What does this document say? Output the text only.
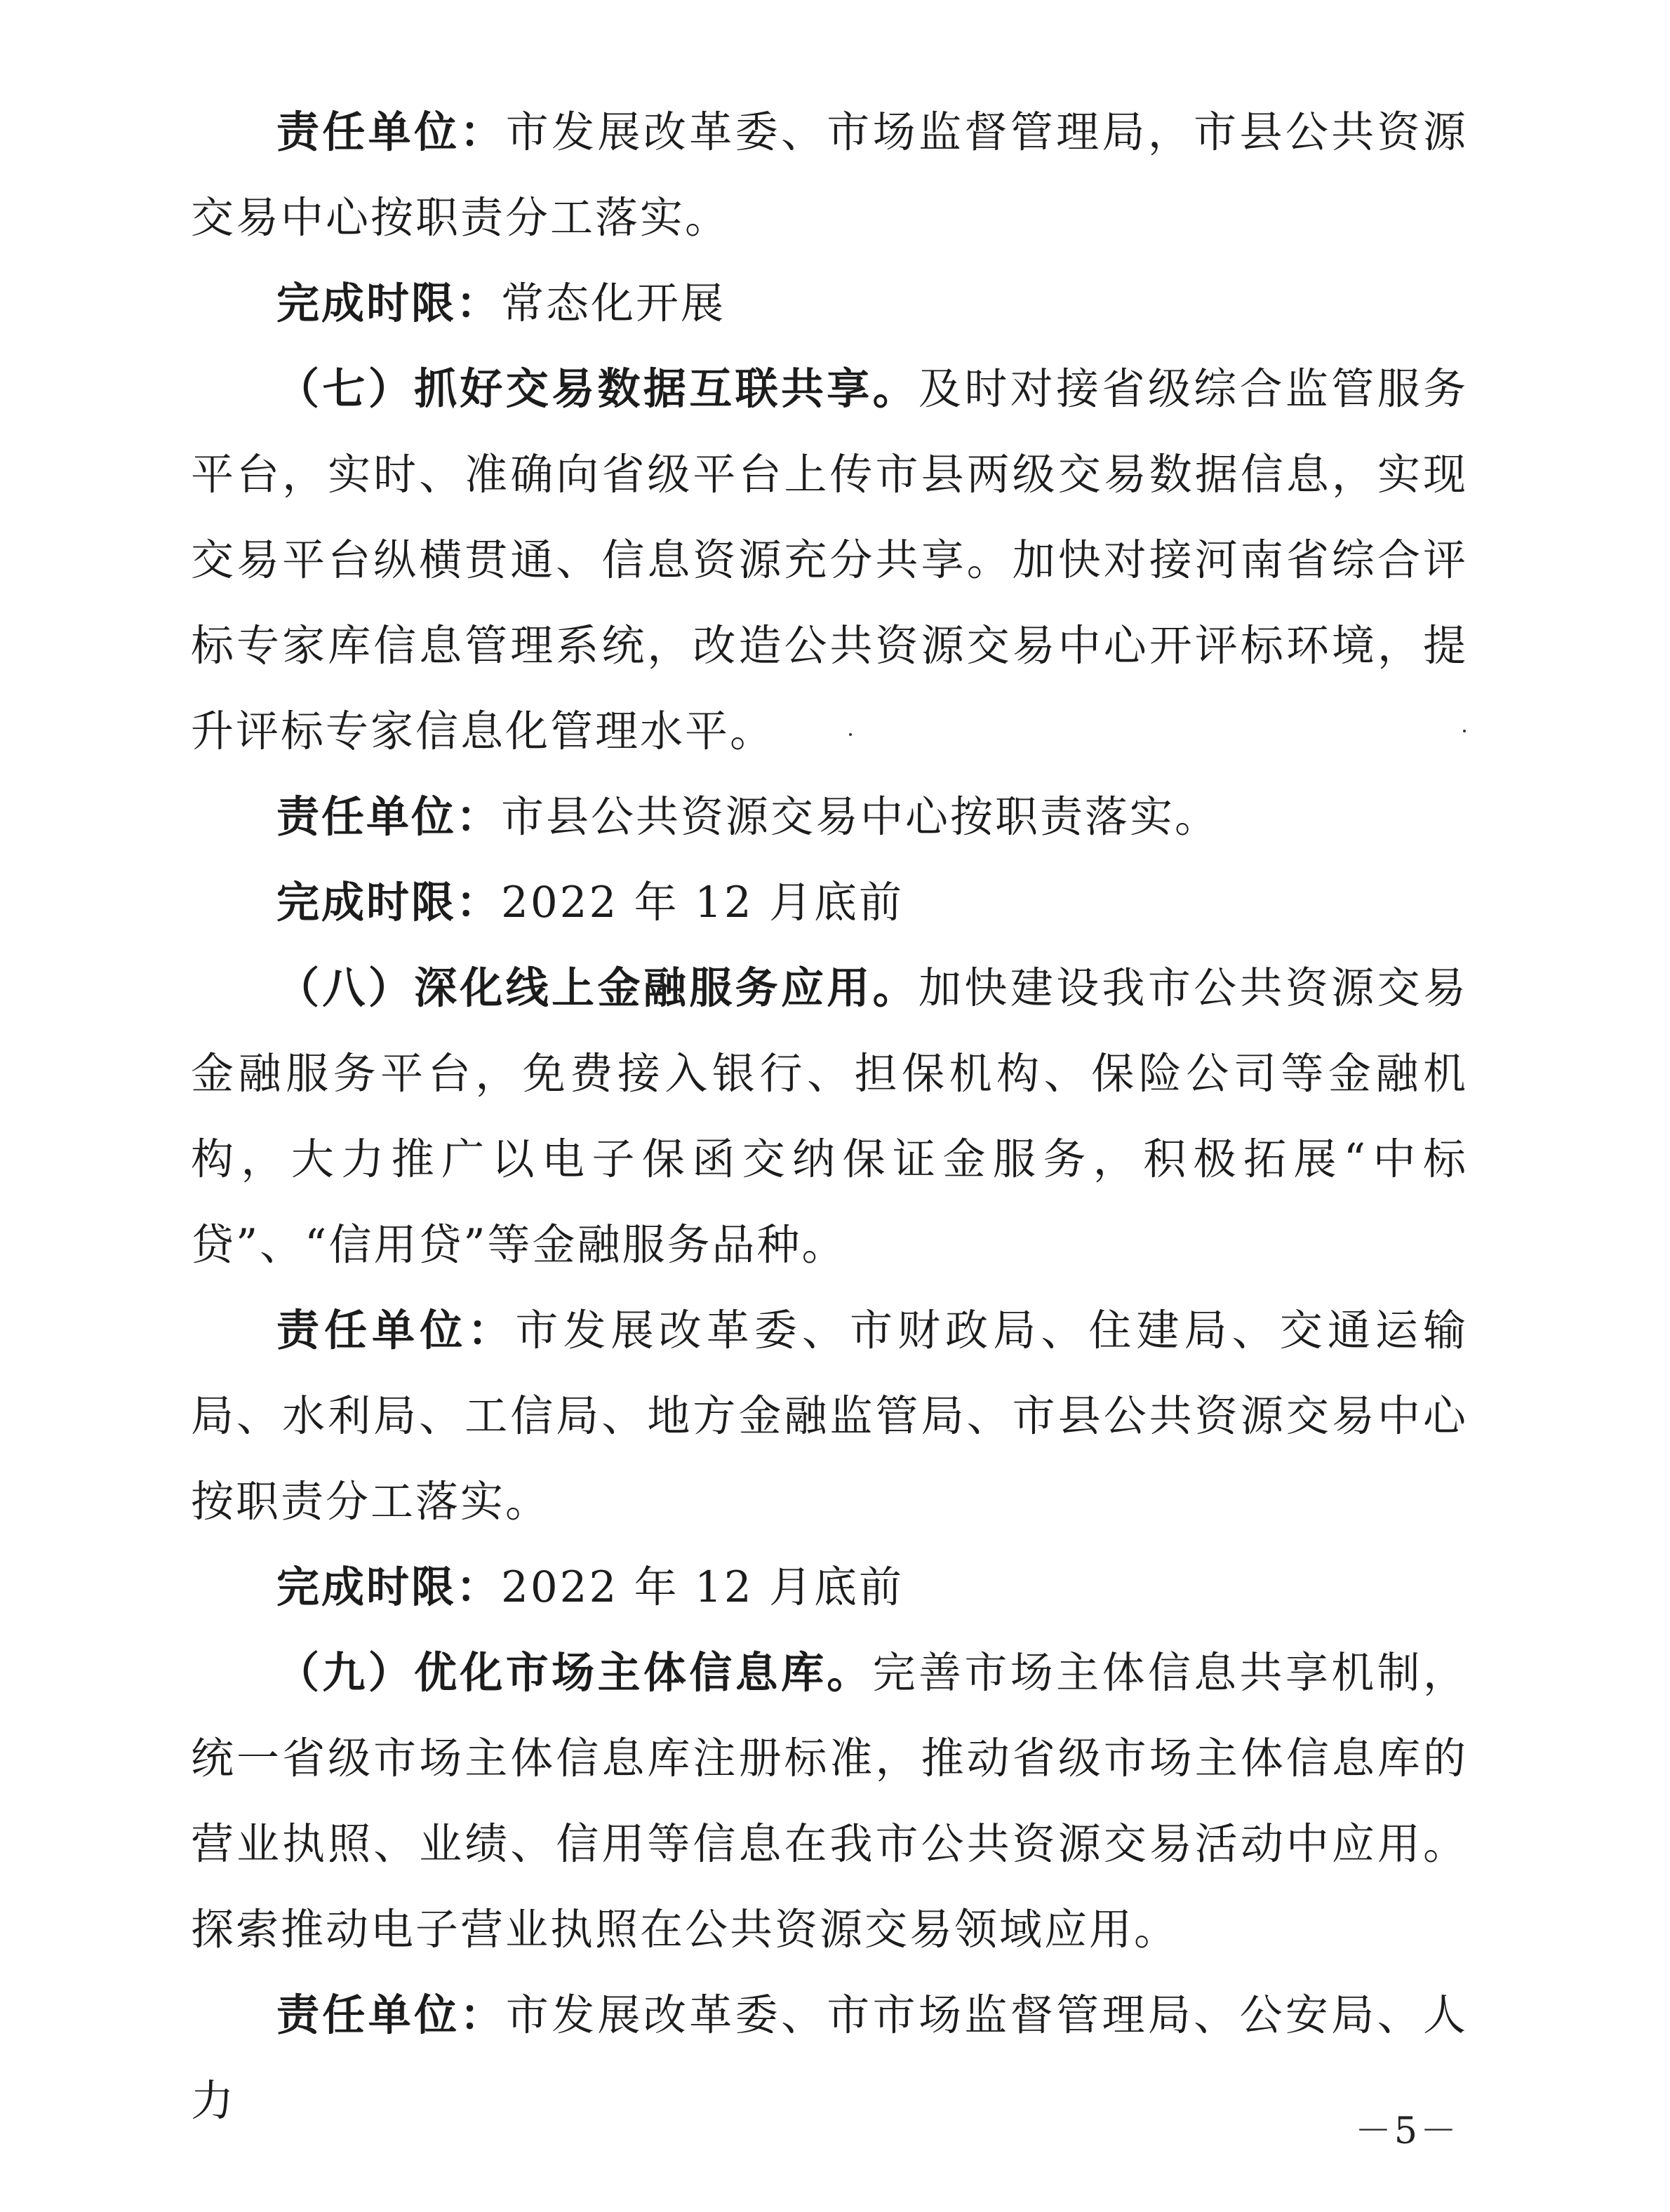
责任单位：市发展改革委、市场监督管理局，市县公共资源交易中心按职责分工落实。

完成时限：常态化开展

（七）抓好交易数据互联共享。及时对接省级综合监管服务平台，实时、准确向省级平台上传市县两级交易数据信息，实现交易平台纵横贯通、信息资源充分共享。加快对接河南省综合评标专家库信息管理系统，改造公共资源交易中心开评标环境，提升评标专家信息化管理水平。

责任单位：市县公共资源交易中心按职责落实。

完成时限：2022 年 12 月底前

（八）深化线上金融服务应用。加快建设我市公共资源交易金融服务平台，免费接入银行、担保机构、保险公司等金融机构，大力推广以电子保函交纳保证金服务，积极拓展“中标贷”、“信用贷”等金融服务品种。

责任单位：市发展改革委、市财政局、住建局、交通运输局、水利局、工信局、地方金融监管局、市县公共资源交易中心按职责分工落实。

完成时限：2022 年 12 月底前

（九）优化市场主体信息库。完善市场主体信息共享机制，统一省级市场主体信息库注册标准，推动省级市场主体信息库的营业执照、业绩、信用等信息在我市公共资源交易活动中应用。探索推动电子营业执照在公共资源交易领域应用。

责任单位：市发展改革委、市市场监督管理局、公安局、人力

－5－
